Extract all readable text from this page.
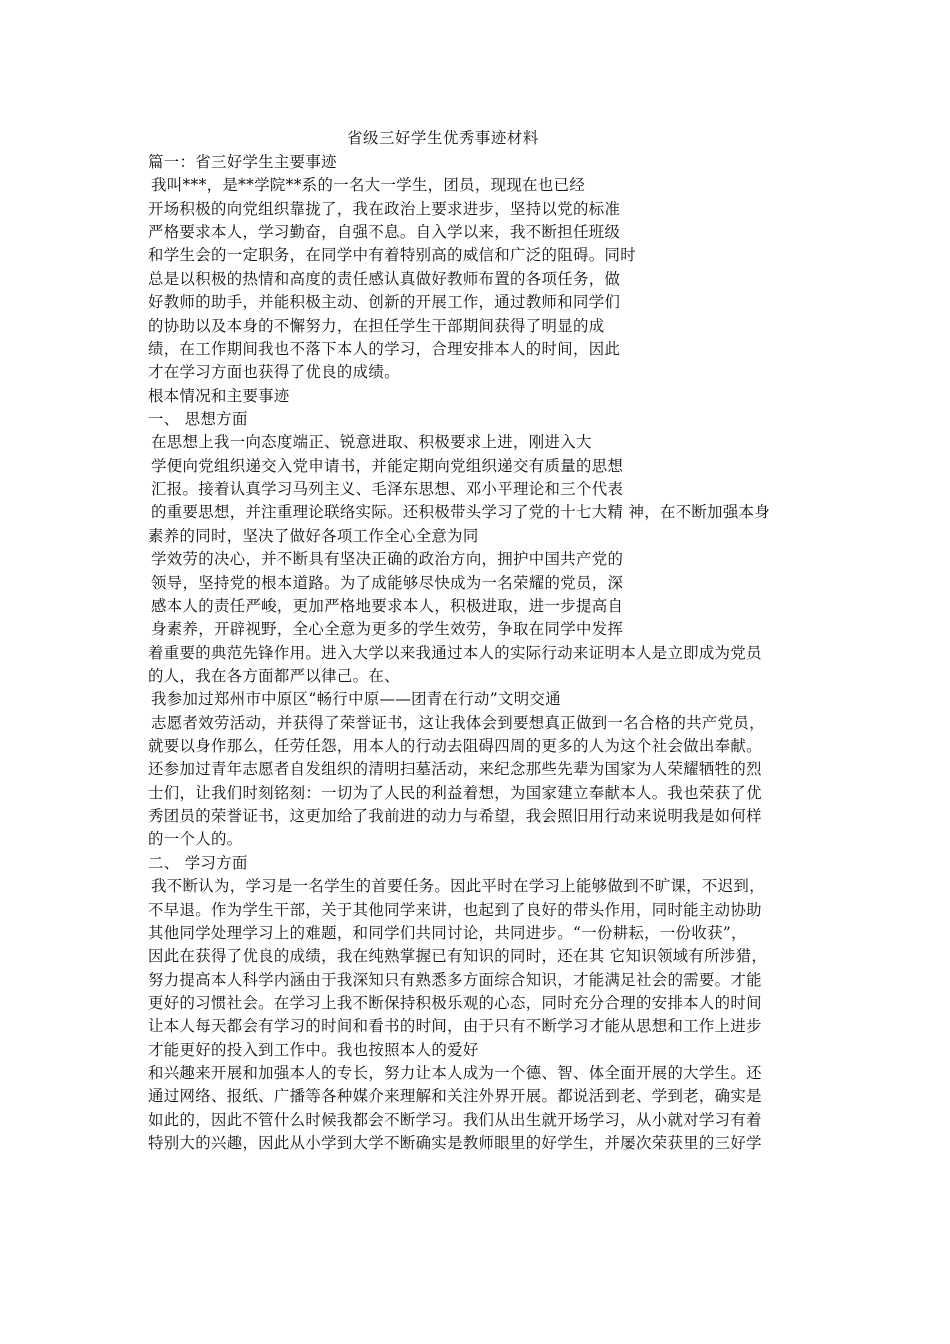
省级三好学生优秀事迹材料
篇一：省三好学生主要事迹
我叫***，是**学院**系的一名大一学生，团员，现现在也已经
开场积极的向党组织靠拢了，我在政治上要求进步，坚持以党的标准
严格要求本人，学习勤奋，自强不息。自入学以来，我不断担任班级
和学生会的一定职务，在同学中有着特别高的威信和广泛的阻碍。同时
总是以积极的热情和高度的责任感认真做好教师布置的各项任务，做
好教师的助手，并能积极主动、创新的开展工作，通过教师和同学们
的协助以及本身的不懈努力，在担任学生干部期间获得了明显的成
绩，在工作期间我也不落下本人的学习，合理安排本人的时间，因此
才在学习方面也获得了优良的成绩。
根本情况和主要事迹
一、 思想方面
在思想上我一向态度端正、锐意进取、积极要求上进，刚进入大
学便向党组织递交入党申请书，并能定期向党组织递交有质量的思想
汇报。接着认真学习马列主义、毛泽东思想、邓小平理论和三个代表
的重要思想，并注重理论联络实际。还积极带头学习了党的十七大精 神，在不断加强本身
素养的同时，坚决了做好各项工作全心全意为同
学效劳的决心，并不断具有坚决正确的政治方向，拥护中国共产党的
领导，坚持党的根本道路。为了成能够尽快成为一名荣耀的党员，深
感本人的责任严峻，更加严格地要求本人，积极进取，进一步提高自
身素养，开辟视野，全心全意为更多的学生效劳，争取在同学中发挥
着重要的典范先锋作用。进入大学以来我通过本人的实际行动来证明本人是立即成为党员
的人，我在各方面都严以律己。在、
我参加过郑州市中原区“畅行中原——团青在行动”文明交通
志愿者效劳活动，并获得了荣誉证书，这让我体会到要想真正做到一名合格的共产党员，
就要以身作那么，任劳任怨，用本人的行动去阻碍四周的更多的人为这个社会做出奉献。
还参加过青年志愿者自发组织的清明扫墓活动，来纪念那些先辈为国家为人荣耀牺牲的烈
士们，让我们时刻铭刻：一切为了人民的利益着想，为国家建立奉献本人。我也荣获了优
秀团员的荣誉证书，这更加给了我前进的动力与希望，我会照旧用行动来说明我是如何样
的一个人的。
二、 学习方面
我不断认为，学习是一名学生的首要任务。因此平时在学习上能够做到不旷课，不迟到，
不早退。作为学生干部，关于其他同学来讲，也起到了良好的带头作用，同时能主动协助
其他同学处理学习上的难题，和同学们共同讨论，共同进步。“一份耕耘，一份收获”，
因此在获得了优良的成绩，我在纯熟掌握已有知识的同时，还在其 它知识领域有所涉猎，
努力提高本人科学内涵由于我深知只有熟悉多方面综合知识，才能满足社会的需要。才能
更好的习惯社会。在学习上我不断保持积极乐观的心态，同时充分合理的安排本人的时间
让本人每天都会有学习的时间和看书的时间，由于只有不断学习才能从思想和工作上进步
才能更好的投入到工作中。我也按照本人的爱好
和兴趣来开展和加强本人的专长，努力让本人成为一个德、智、体全面开展的大学生。还
通过网络、报纸、广播等各种媒介来理解和关注外界开展。都说活到老、学到老，确实是
如此的，因此不管什么时候我都会不断学习。我们从出生就开场学习，从小就对学习有着
特别大的兴趣，因此从小学到大学不断确实是教师眼里的好学生，并屡次荣获里的三好学
